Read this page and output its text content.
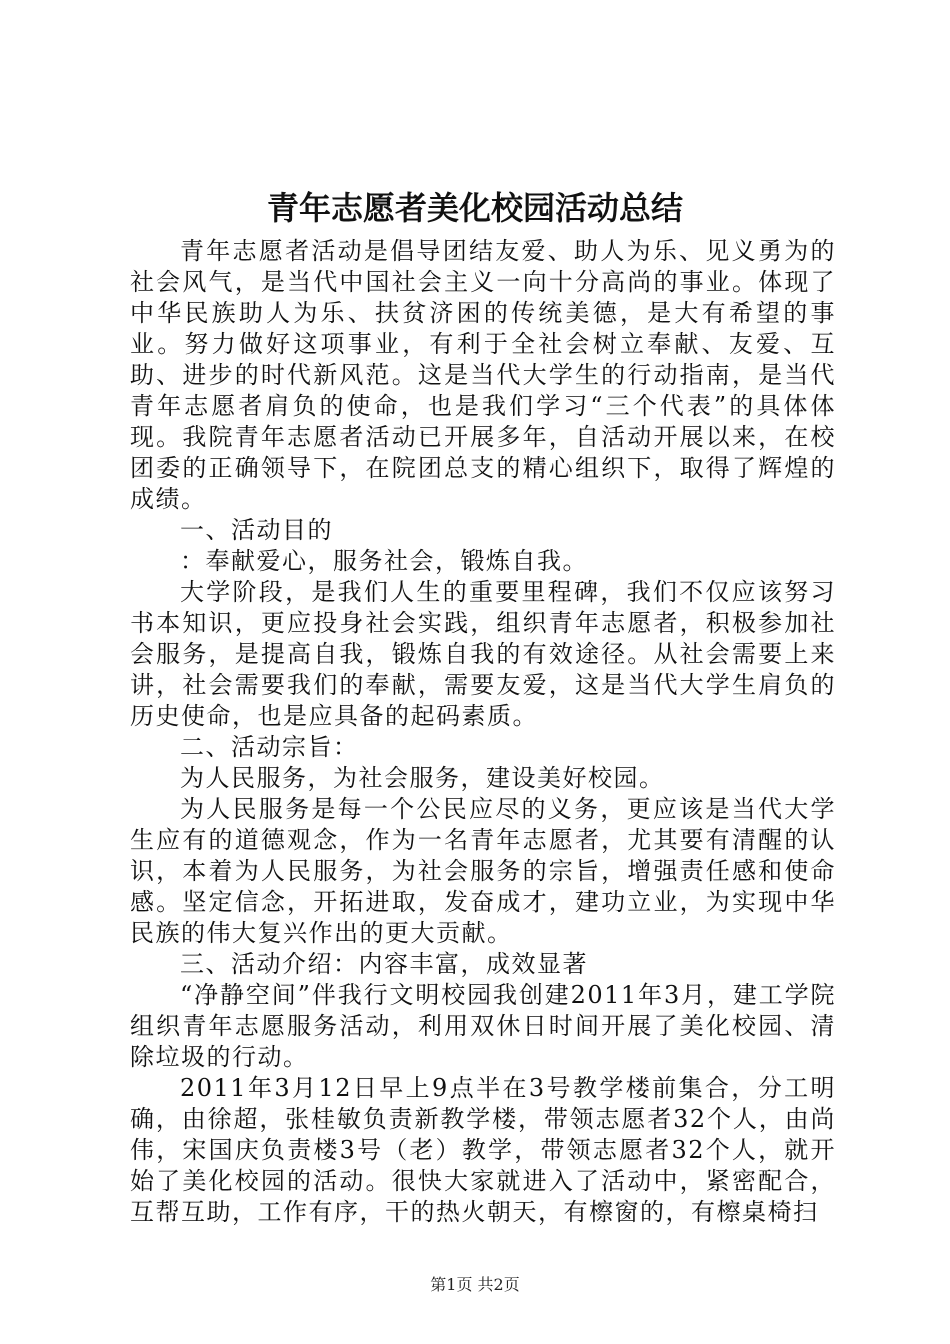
青年志愿者美化校园活动总结

青年志愿者活动是倡导团结友爱、助人为乐、见义勇为的社会风气，是当代中国社会主义一向十分高尚的事业。体现了中华民族助人为乐、扶贫济困的传统美德，是大有希望的事业。努力做好这项事业，有利于全社会树立奉献、友爱、互助、进步的时代新风范。这是当代大学生的行动指南，是当代青年志愿者肩负的使命，也是我们学习“三个代表”的具体体现。我院青年志愿者活动已开展多年，自活动开展以来，在校团委的正确领导下，在院团总支的精心组织下，取得了辉煌的成绩。

一、活动目的

：奉献爱心，服务社会，锻炼自我。

大学阶段，是我们人生的重要里程碑，我们不仅应该努习书本知识，更应投身社会实践，组织青年志愿者，积极参加社会服务，是提高自我，锻炼自我的有效途径。从社会需要上来讲，社会需要我们的奉献，需要友爱，这是当代大学生肩负的历史使命，也是应具备的起码素质。

二、活动宗旨：

为人民服务，为社会服务，建设美好校园。

为人民服务是每一个公民应尽的义务，更应该是当代大学生应有的道德观念，作为一名青年志愿者，尤其要有清醒的认识，本着为人民服务，为社会服务的宗旨，增强责任感和使命感。坚定信念，开拓进取，发奋成才，建功立业，为实现中华民族的伟大复兴作出的更大贡献。

三、活动介绍：内容丰富，成效显著

“净静空间”伴我行文明校园我创建2011年3月，建工学院组织青年志愿服务活动，利用双休日时间开展了美化校园、清除垃圾的行动。

2011年3月12日早上9点半在3号教学楼前集合，分工明确，由徐超，张桂敏负责新教学楼，带领志愿者32个人，由尚伟，宋国庆负责楼3号（老）教学，带领志愿者32个人，就开始了美化校园的活动。很快大家就进入了活动中，紧密配合，互帮互助，工作有序，干的热火朝天，有檫窗的，有檫桌椅扫

第1页 共2页
